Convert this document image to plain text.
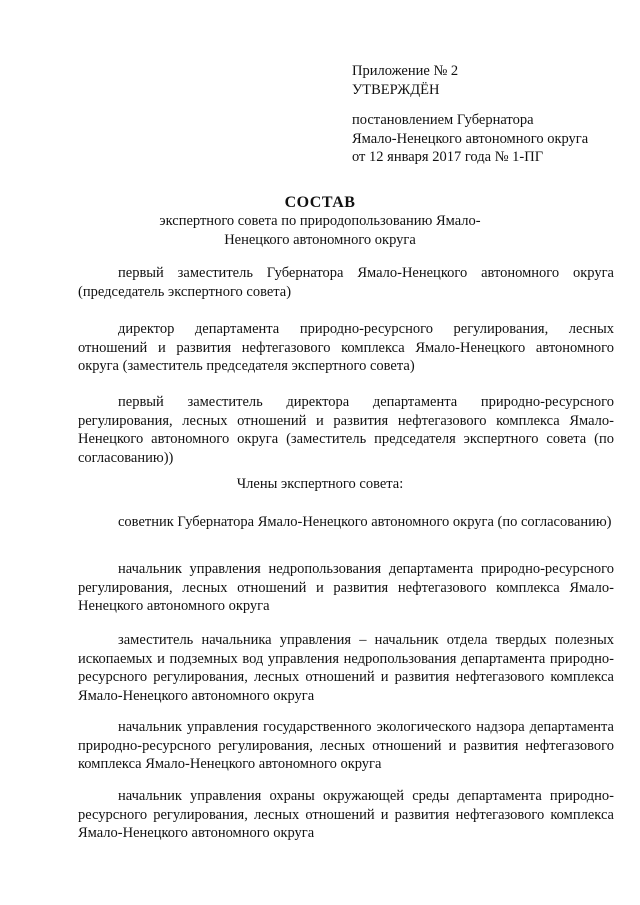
Приложение № 2
УТВЕРЖДЁН
постановлением Губернатора
Ямало-Ненецкого автономного округа
от 12 января 2017 года № 1-ПГ
СОСТАВ
экспертного совета по природопользованию Ямало-Ненецкого автономного округа
первый заместитель Губернатора Ямало-Ненецкого автономного округа (председатель экспертного совета)
директор департамента природно-ресурсного регулирования, лесных отношений и развития нефтегазового комплекса Ямало-Ненецкого автономного округа (заместитель председателя экспертного совета)
первый заместитель директора департамента природно-ресурсного регулирования, лесных отношений и развития нефтегазового комплекса Ямало-Ненецкого автономного округа (заместитель председателя экспертного совета (по согласованию))
Члены экспертного совета:
советник Губернатора Ямало-Ненецкого автономного округа (по согласованию)
начальник управления недропользования департамента природно-ресурсного регулирования, лесных отношений и развития нефтегазового комплекса Ямало-Ненецкого автономного округа
заместитель начальника управления – начальник отдела твердых полезных ископаемых и подземных вод управления недропользования департамента природно-ресурсного регулирования, лесных отношений и развития нефтегазового комплекса Ямало-Ненецкого автономного округа
начальник управления государственного экологического надзора департамента природно-ресурсного регулирования, лесных отношений и развития нефтегазового комплекса Ямало-Ненецкого автономного округа
начальник управления охраны окружающей среды департамента природно-ресурсного регулирования, лесных отношений и развития нефтегазового комплекса Ямало-Ненецкого автономного округа
